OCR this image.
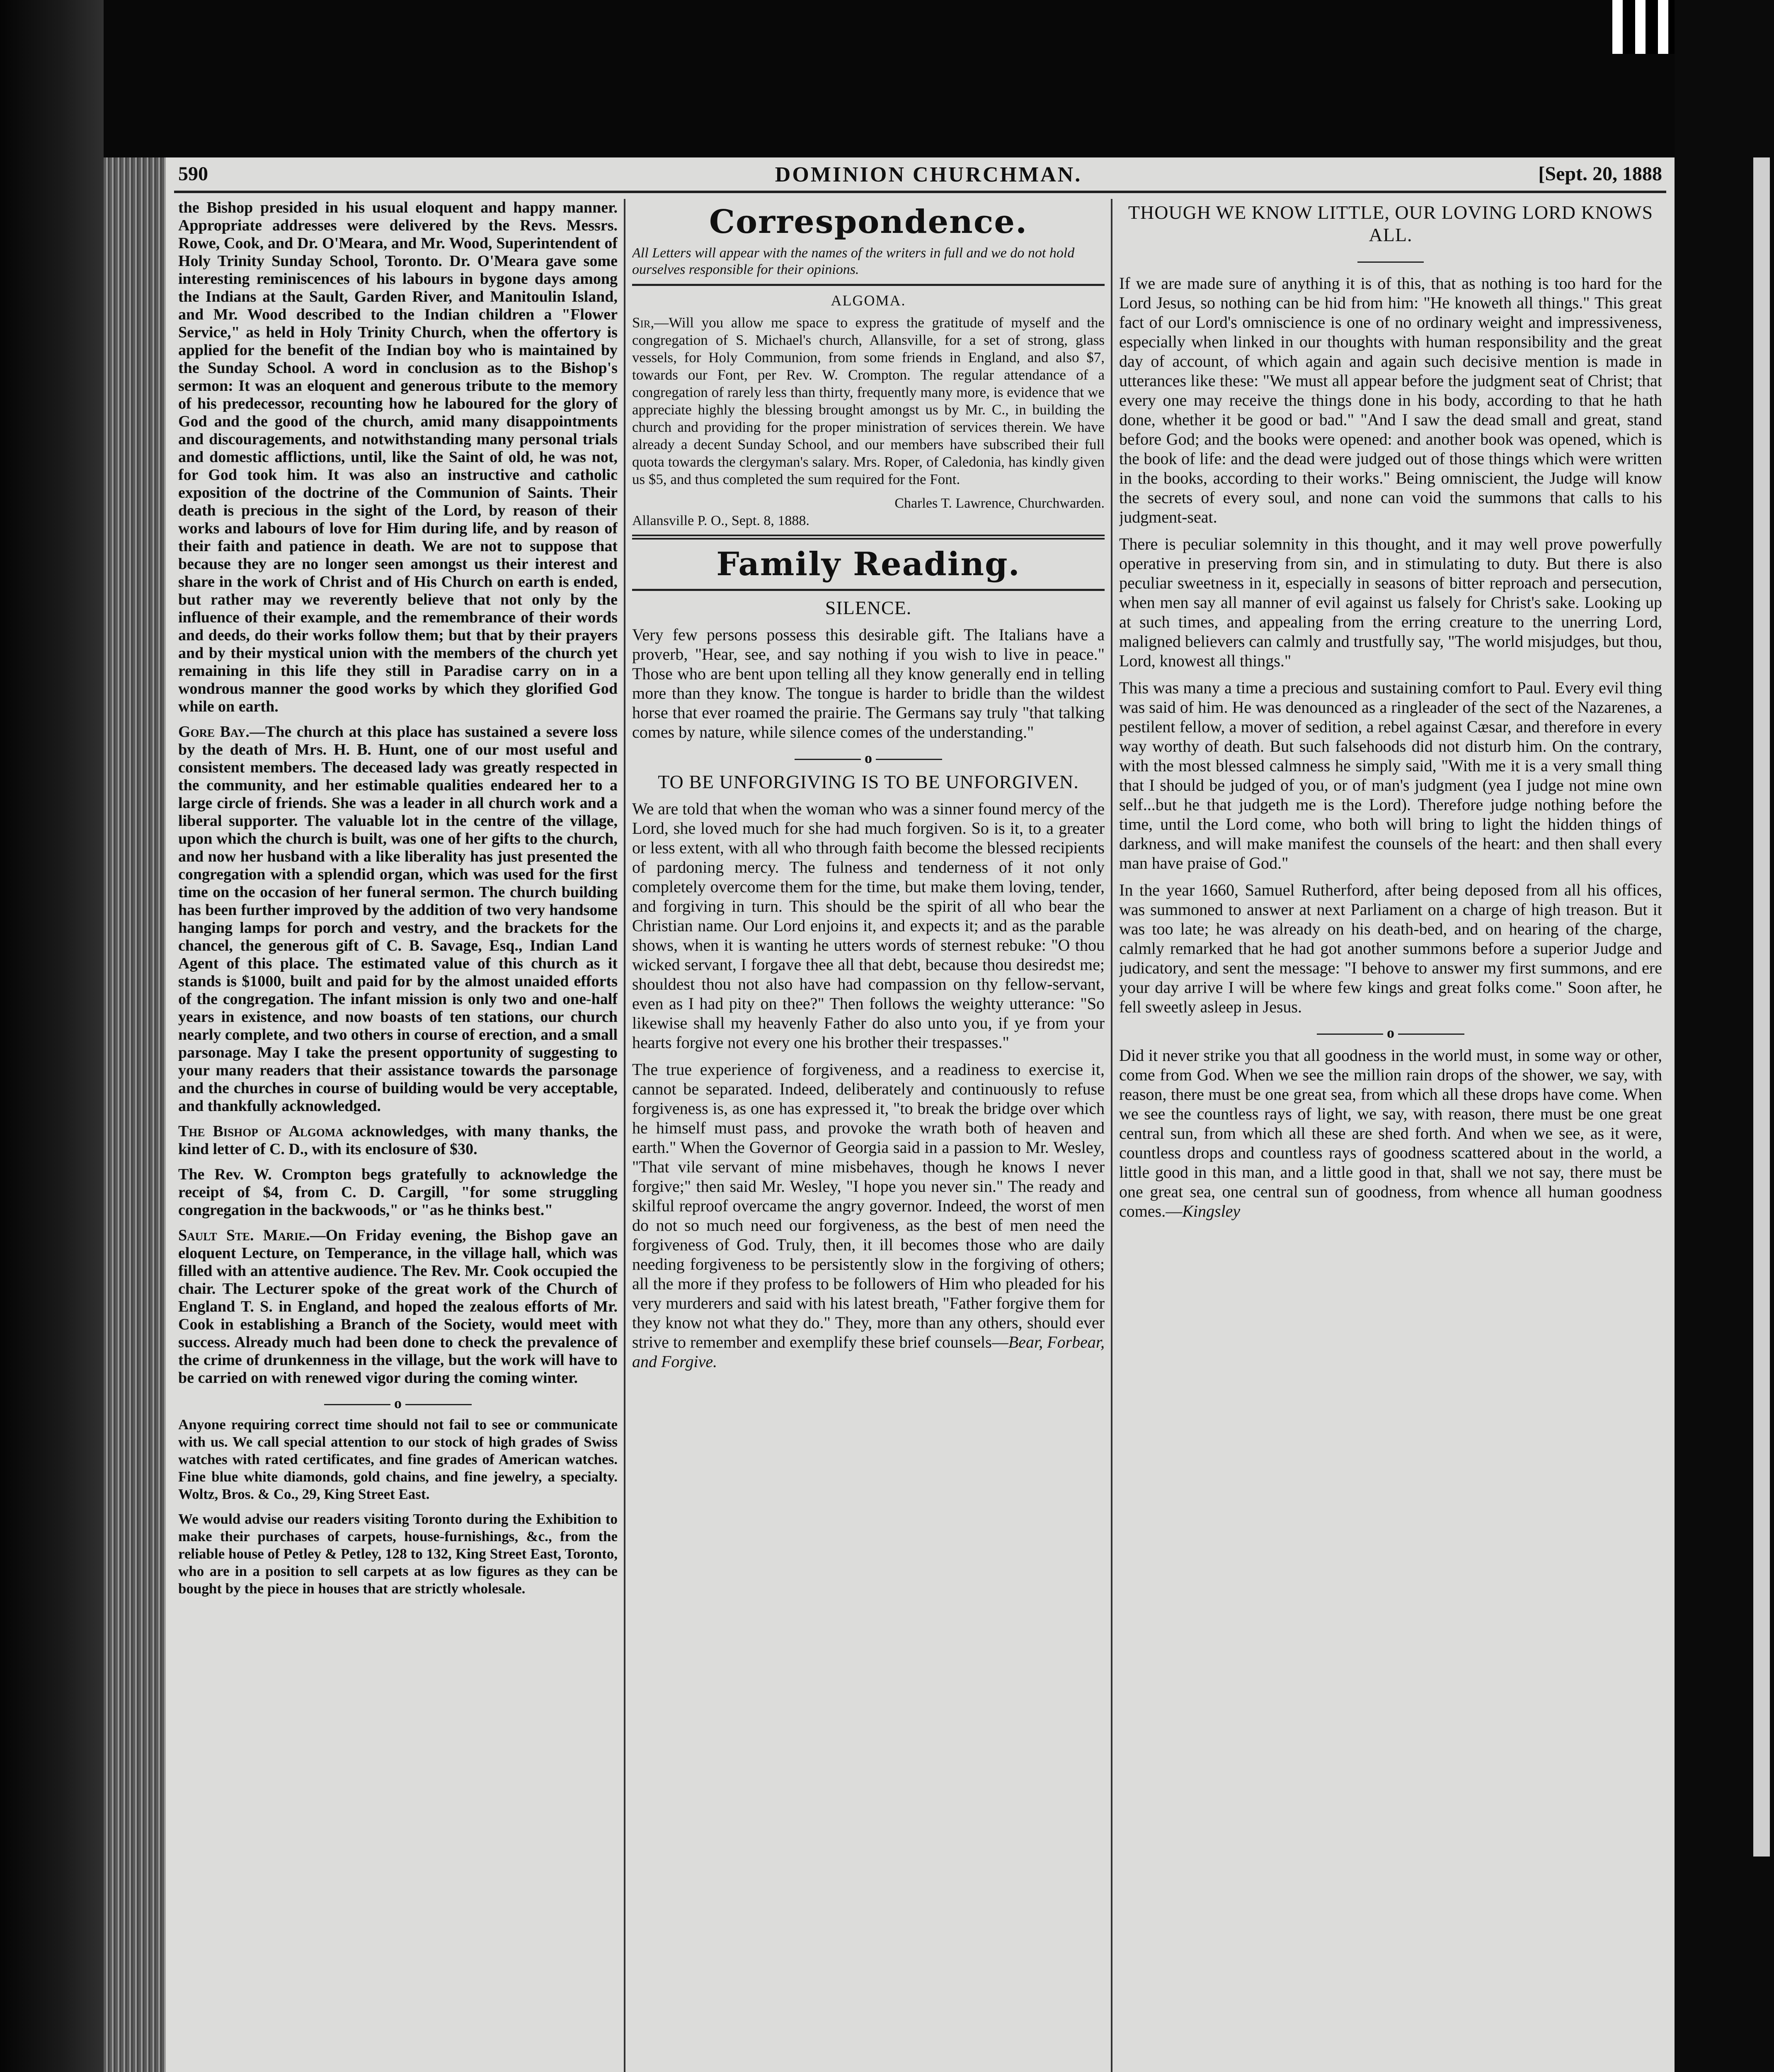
590	DOMINION CHURCHMAN.	[Sept. 20, 1888

the Bishop presided in his usual eloquent and happy manner. Appropriate addresses were delivered by the Revs. Messrs. Rowe, Cook, and Dr. O'Meara, and Mr. Wood, Superintendent of Holy Trinity Sunday School, Toronto. Dr. O'Meara gave some interesting reminiscences of his labours in bygone days among the Indians at the Sault, Garden River, and Manitoulin Island, and Mr. Wood described to the Indian children a "Flower Service," as held in Holy Trinity Church, when the offertory is applied for the benefit of the Indian boy who is maintained by the Sunday School. A word in conclusion as to the Bishop's sermon: It was an eloquent and generous tribute to the memory of his predecessor, recounting how he laboured for the glory of God and the good of the church, amid many disappointments and discouragements, and notwithstanding many personal trials and domestic afflictions, until, like the Saint of old, he was not, for God took him. It was also an instructive and catholic exposition of the doctrine of the Communion of Saints. Their death is precious in the sight of the Lord, by reason of their works and labours of love for Him during life, and by reason of their faith and patience in death. We are not to suppose that because they are no longer seen amongst us their interest and share in the work of Christ and of His Church on earth is ended, but rather may we reverently believe that not only by the influence of their example, and the remembrance of their words and deeds, do their works follow them; but that by their prayers and by their mystical union with the members of the church yet remaining in this life they still in Paradise carry on in a wondrous manner the good works by which they glorified God while on earth.

Gore Bay.—The church at this place has sustained a severe loss by the death of Mrs. H. B. Hunt, one of our most useful and consistent members. The deceased lady was greatly respected in the community, and her estimable qualities endeared her to a large circle of friends. She was a leader in all church work and a liberal supporter. The valuable lot in the centre of the village, upon which the church is built, was one of her gifts to the church, and now her husband with a like liberality has just presented the congregation with a splendid organ, which was used for the first time on the occasion of her funeral sermon. The church building has been further improved by the addition of two very handsome hanging lamps for porch and vestry, and the brackets for the chancel, the generous gift of C. B. Savage, Esq., Indian Land Agent of this place. The estimated value of this church as it stands is $1000, built and paid for by the almost unaided efforts of the congregation. The infant mission is only two and one-half years in existence, and now boasts of ten stations, our church nearly complete, and two others in course of erection, and a small parsonage. May I take the present opportunity of suggesting to your many readers that their assistance towards the parsonage and the churches in course of building would be very acceptable, and thankfully acknowledged.

The Bishop of Algoma acknowledges, with many thanks, the kind letter of C. D., with its enclosure of $30.

The Rev. W. Crompton begs gratefully to acknowledge the receipt of $4, from C. D. Cargill, "for some struggling congregation in the backwoods," or "as he thinks best."

Sault Ste. Marie.—On Friday evening, the Bishop gave an eloquent Lecture, on Temperance, in the village hall, which was filled with an attentive audience. The Rev. Mr. Cook occupied the chair. The Lecturer spoke of the great work of the Church of England T. S. in England, and hoped the zealous efforts of Mr. Cook in establishing a Branch of the Society, would meet with success. Already much had been done to check the prevalence of the crime of drunkenness in the village, but the work will have to be carried on with renewed vigor during the coming winter.

o

Anyone requiring correct time should not fail to see or communicate with us. We call special attention to our stock of high grades of Swiss watches with rated certificates, and fine grades of American watches. Fine blue white diamonds, gold chains, and fine jewelry, a specialty. Woltz, Bros. & Co., 29, King Street East.

We would advise our readers visiting Toronto during the Exhibition to make their purchases of carpets, house-furnishings, &c., from the reliable house of Petley & Petley, 128 to 132, King Street East, Toronto, who are in a position to sell carpets at as low figures as they can be bought by the piece in houses that are strictly wholesale.

Correspondence.
All Letters will appear with the names of the writers in full and we do not hold ourselves responsible for their opinions.
ALGOMA.

Sir,—Will you allow me space to express the gratitude of myself and the congregation of S. Michael's church, Allansville, for a set of strong, glass vessels, for Holy Communion, from some friends in England, and also $7, towards our Font, per Rev. W. Crompton. The regular attendance of a congregation of rarely less than thirty, frequently many more, is evidence that we appreciate highly the blessing brought amongst us by Mr. C., in building the church and providing for the proper ministration of services therein. We have already a decent Sunday School, and our members have subscribed their full quota towards the clergyman's salary. Mrs. Roper, of Caledonia, has kindly given us $5, and thus completed the sum required for the Font.

Charles T. Lawrence, Churchwarden.
Allansville P. O., Sept. 8, 1888.
Family Reading.
SILENCE.

Very few persons possess this desirable gift. The Italians have a proverb, "Hear, see, and say nothing if you wish to live in peace." Those who are bent upon telling all they know generally end in telling more than they know. The tongue is harder to bridle than the wildest horse that ever roamed the prairie. The Germans say truly "that talking comes by nature, while silence comes of the understanding."

o
TO BE UNFORGIVING IS TO BE UNFORGIVEN.

We are told that when the woman who was a sinner found mercy of the Lord, she loved much for she had much forgiven. So is it, to a greater or less extent, with all who through faith become the blessed recipients of pardoning mercy. The fulness and tenderness of it not only completely overcome them for the time, but make them loving, tender, and forgiving in turn. This should be the spirit of all who bear the Christian name. Our Lord enjoins it, and expects it; and as the parable shows, when it is wanting he utters words of sternest rebuke: "O thou wicked servant, I forgave thee all that debt, because thou desiredst me; shouldest thou not also have had compassion on thy fellow-servant, even as I had pity on thee?" Then follows the weighty utterance: "So likewise shall my heavenly Father do also unto you, if ye from your hearts forgive not every one his brother their trespasses."

The true experience of forgiveness, and a readiness to exercise it, cannot be separated. Indeed, deliberately and continuously to refuse forgiveness is, as one has expressed it, "to break the bridge over which he himself must pass, and provoke the wrath both of heaven and earth." When the Governor of Georgia said in a passion to Mr. Wesley, "That vile servant of mine misbehaves, though he knows I never forgive;" then said Mr. Wesley, "I hope you never sin." The ready and skilful reproof overcame the angry governor. Indeed, the worst of men do not so much need our forgiveness, as the best of men need the forgiveness of God. Truly, then, it ill becomes those who are daily needing forgiveness to be persistently slow in the forgiving of others; all the more if they profess to be followers of Him who pleaded for his very murderers and said with his latest breath, "Father forgive them for they know not what they do." They, more than any others, should ever strive to remember and exemplify these brief counsels—Bear, Forbear, and Forgive.

THOUGH WE KNOW LITTLE, OUR LOVING LORD KNOWS ALL.

If we are made sure of anything it is of this, that as nothing is too hard for the Lord Jesus, so nothing can be hid from him: "He knoweth all things." This great fact of our Lord's omniscience is one of no ordinary weight and impressiveness, especially when linked in our thoughts with human responsibility and the great day of account, of which again and again such decisive mention is made in utterances like these: "We must all appear before the judgment seat of Christ; that every one may receive the things done in his body, according to that he hath done, whether it be good or bad." "And I saw the dead small and great, stand before God; and the books were opened: and another book was opened, which is the book of life: and the dead were judged out of those things which were written in the books, according to their works." Being omniscient, the Judge will know the secrets of every soul, and none can void the summons that calls to his judgment-seat.

There is peculiar solemnity in this thought, and it may well prove powerfully operative in preserving from sin, and in stimulating to duty. But there is also peculiar sweetness in it, especially in seasons of bitter reproach and persecution, when men say all manner of evil against us falsely for Christ's sake. Looking up at such times, and appealing from the erring creature to the unerring Lord, maligned believers can calmly and trustfully say, "The world misjudges, but thou, Lord, knowest all things."

This was many a time a precious and sustaining comfort to Paul. Every evil thing was said of him. He was denounced as a ringleader of the sect of the Nazarenes, a pestilent fellow, a mover of sedition, a rebel against Cæsar, and therefore in every way worthy of death. But such falsehoods did not disturb him. On the contrary, with the most blessed calmness he simply said, "With me it is a very small thing that I should be judged of you, or of man's judgment (yea I judge not mine own self...but he that judgeth me is the Lord). Therefore judge nothing before the time, until the Lord come, who both will bring to light the hidden things of darkness, and will make manifest the counsels of the heart: and then shall every man have praise of God."

In the year 1660, Samuel Rutherford, after being deposed from all his offices, was summoned to answer at next Parliament on a charge of high treason. But it was too late; he was already on his death-bed, and on hearing of the charge, calmly remarked that he had got another summons before a superior Judge and judicatory, and sent the message: "I behove to answer my first summons, and ere your day arrive I will be where few kings and great folks come." Soon after, he fell sweetly asleep in Jesus.

o

Did it never strike you that all goodness in the world must, in some way or other, come from God. When we see the million rain drops of the shower, we say, with reason, there must be one great sea, from which all these drops have come. When we see the countless rays of light, we say, with reason, there must be one great central sun, from which all these are shed forth. And when we see, as it were, countless drops and countless rays of goodness scattered about in the world, a little good in this man, and a little good in that, shall we not say, there must be one great sea, one central sun of goodness, from whence all human goodness comes.—Kingsley
